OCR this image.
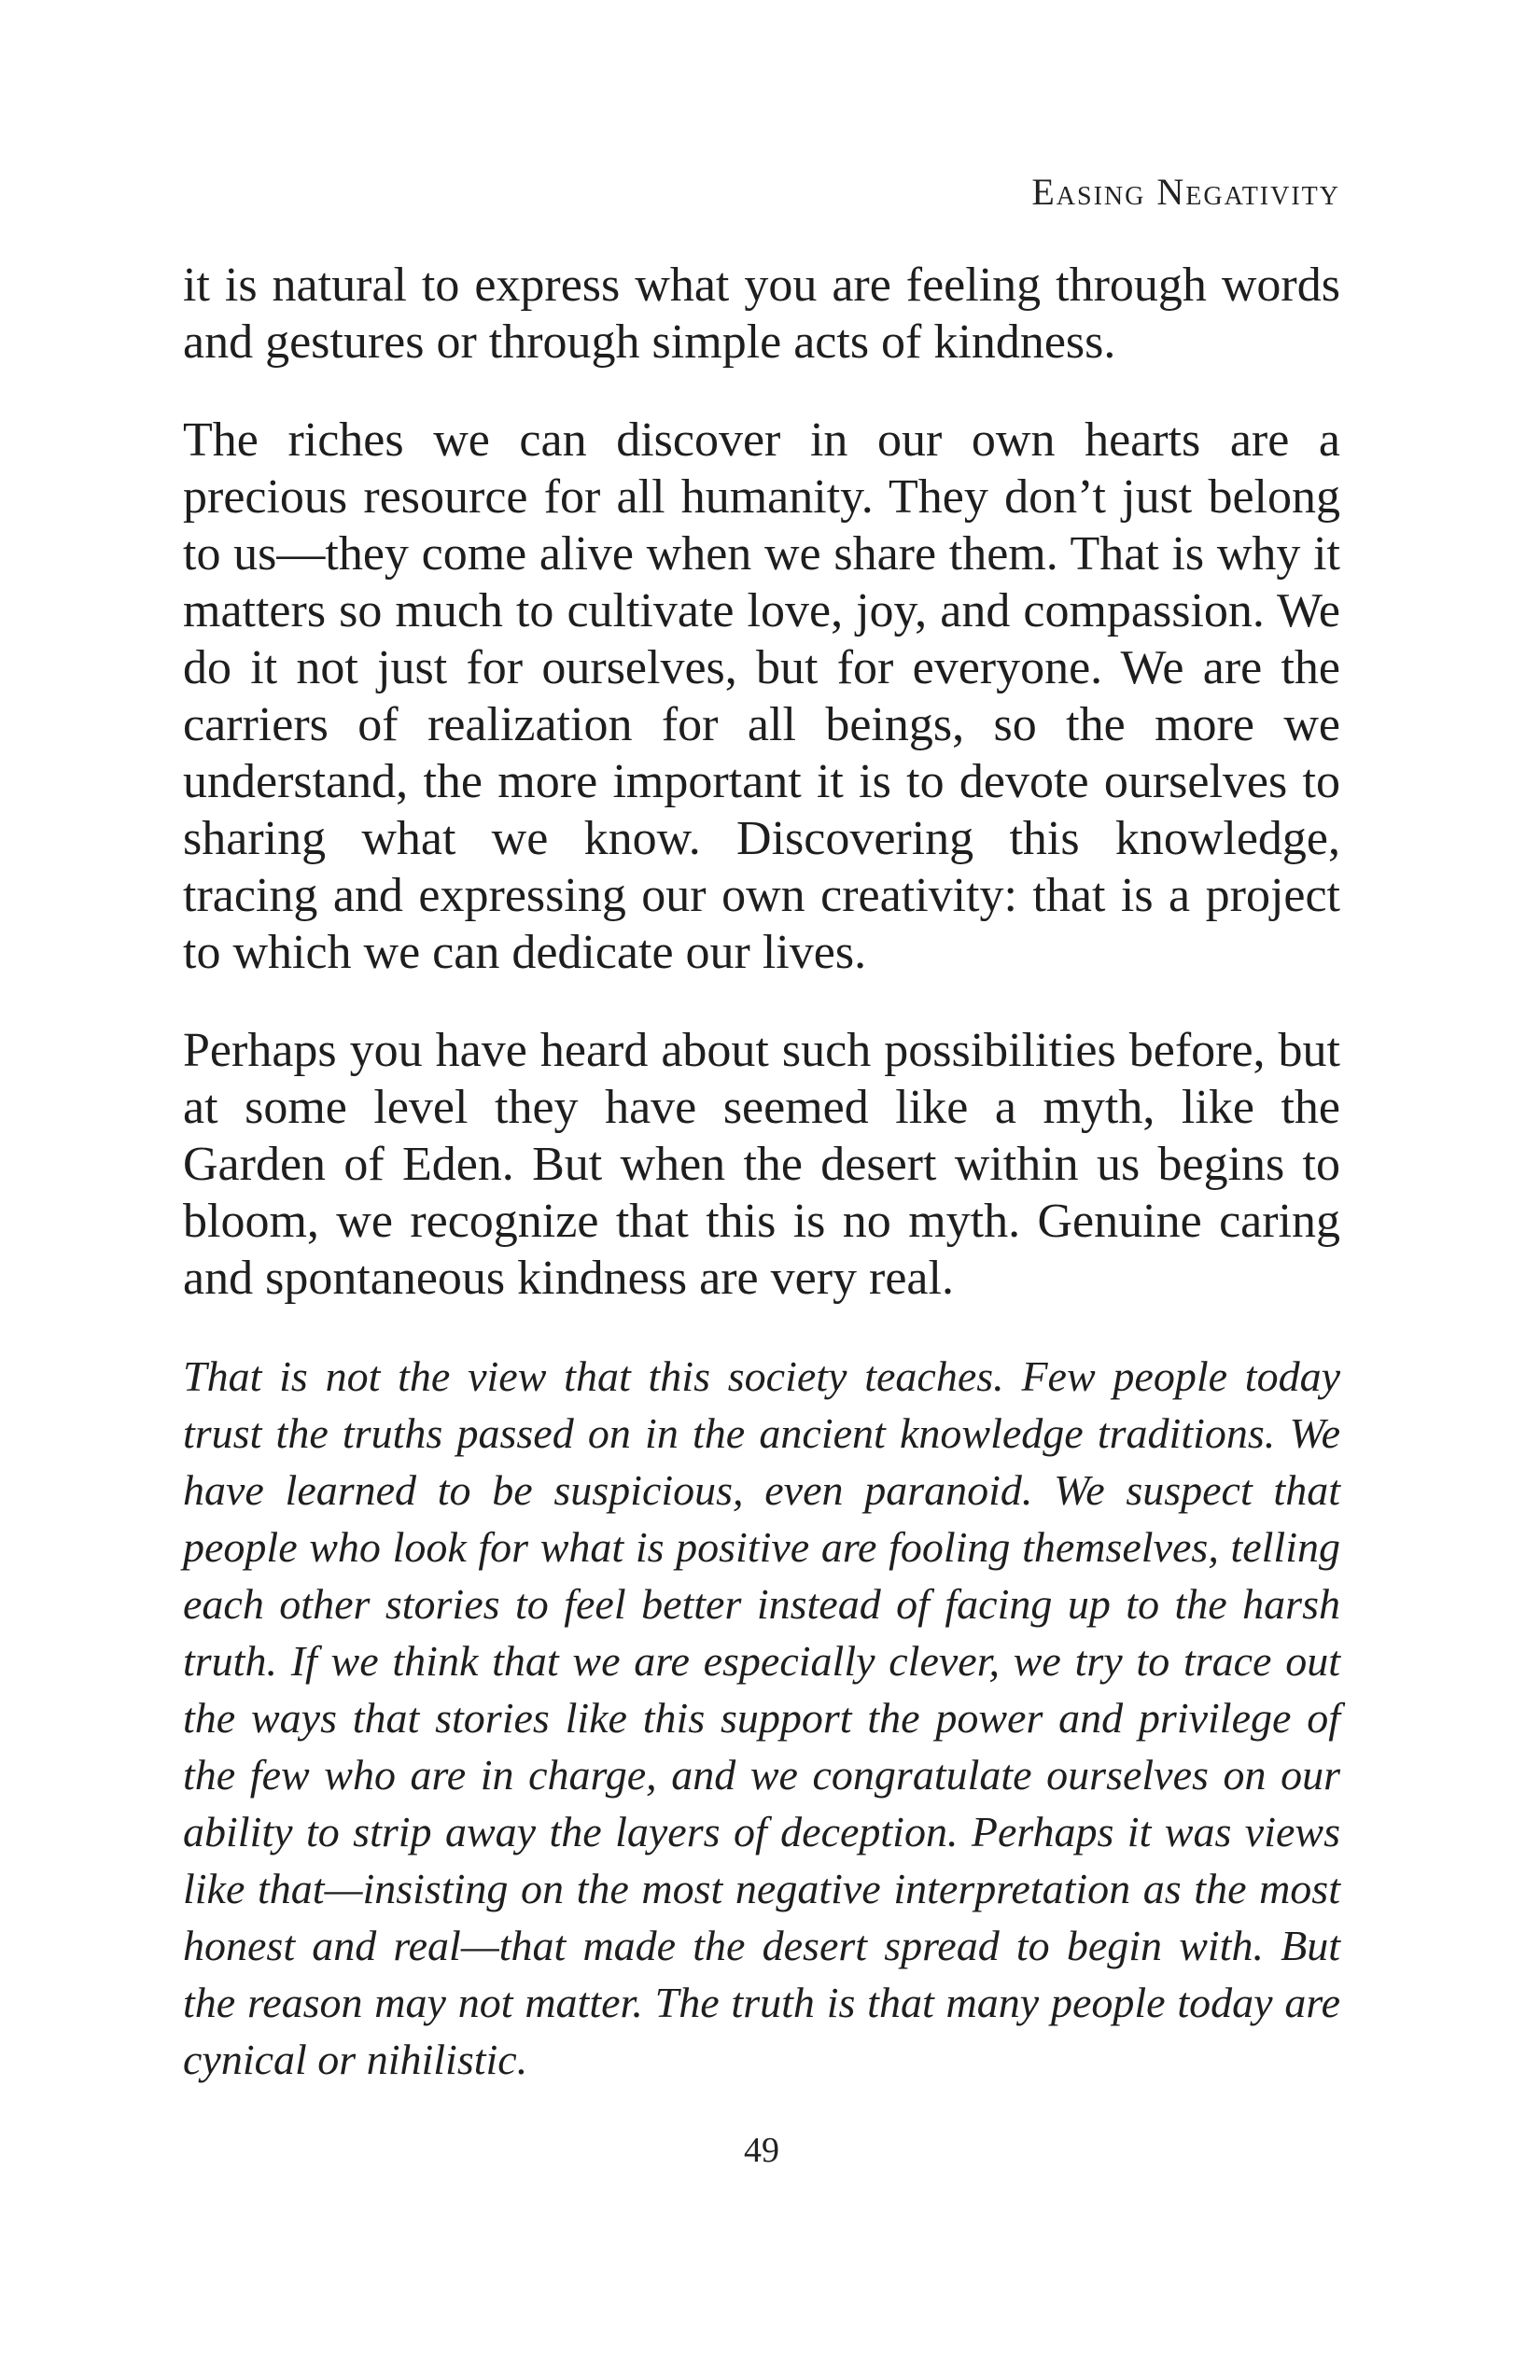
Easing Negativity

it is natural to express what you are feeling through words and gestures or through simple acts of kindness.

The riches we can discover in our own hearts are a precious resource for all humanity. They don’t just belong to us—they come alive when we share them. That is why it matters so much to cultivate love, joy, and compassion. We do it not just for ourselves, but for everyone. We are the carriers of realization for all beings, so the more we understand, the more important it is to devote ourselves to sharing what we know. Discovering this knowledge, tracing and expressing our own creativity: that is a project to which we can dedicate our lives.

Perhaps you have heard about such possibilities before, but at some level they have seemed like a myth, like the Garden of Eden. But when the desert within us begins to bloom, we recognize that this is no myth. Genuine caring and spontaneous kindness are very real.

That is not the view that this society teaches. Few people today trust the truths passed on in the ancient knowledge traditions. We have learned to be suspicious, even paranoid. We suspect that people who look for what is positive are fooling themselves, telling each other stories to feel better instead of facing up to the harsh truth. If we think that we are especially clever, we try to trace out the ways that stories like this support the power and privilege of the few who are in charge, and we congratulate ourselves on our ability to strip away the layers of deception. Perhaps it was views like that—insisting on the most negative interpretation as the most honest and real—that made the desert spread to begin with. But the reason may not matter. The truth is that many people today are cynical or nihilistic.

49
